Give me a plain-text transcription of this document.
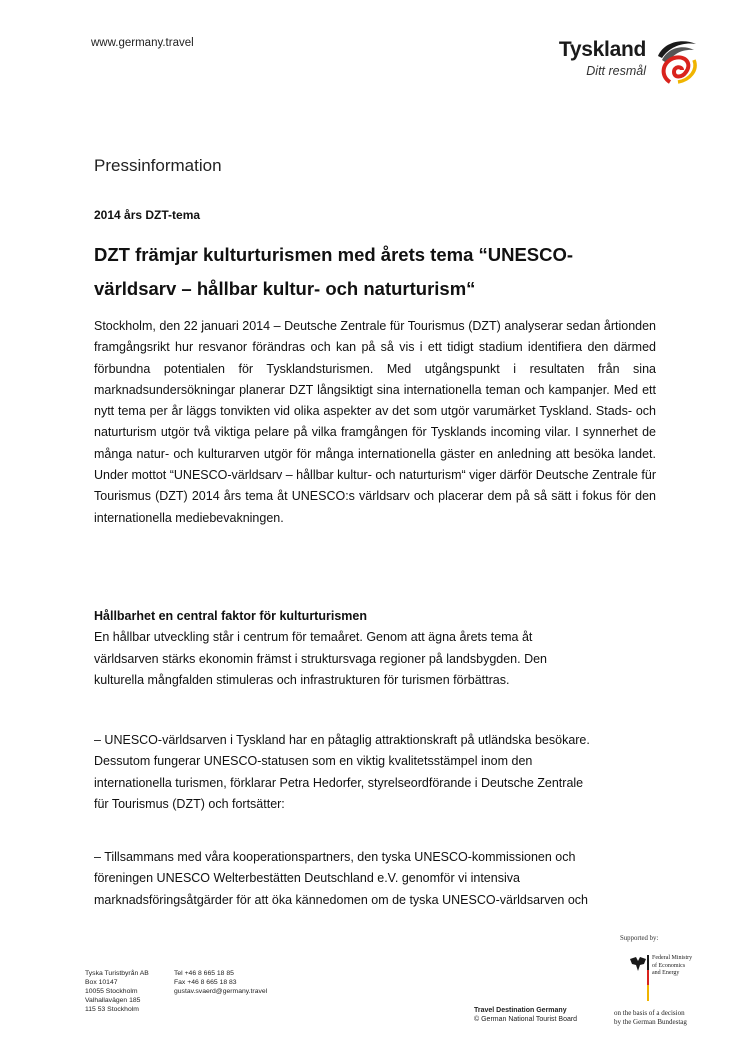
www.germany.travel	Tyskland
Ditt resmål
Pressinformation
2014 års DZT-tema
DZT främjar kulturturismen med årets tema “UNESCO-
världsarv – hållbar kultur- och naturturism“
Stockholm, den 22 januari 2014 – Deutsche Zentrale für Tourismus (DZT) analyserar sedan årtionden framgångsrikt hur resvanor förändras och kan på så vis i ett tidigt stadium identifiera den därmed förbundna potentialen för Tysklandsturismen. Med utgångspunkt i resultaten från sina marknadsundersökningar planerar DZT långsiktigt sina internationella teman och kampanjer. Med ett nytt tema per år läggs tonvikten vid olika aspekter av det som utgör varumärket Tyskland. Stads- och naturturism utgör två viktiga pelare på vilka framgången för Tysklands incoming vilar. I synnerhet de många natur- och kulturarven utgör för många internationella gäster en anledning att besöka landet. Under mottot “UNESCO-världsarv – hållbar kultur- och naturturism“ viger därför Deutsche Zentrale für Tourismus (DZT) 2014 års tema åt UNESCO:s världsarv och placerar dem på så sätt i fokus för den internationella mediebevakningen.
Hållbarhet en central faktor för kulturturismen
En hållbar utveckling står i centrum för temaåret. Genom att ägna årets tema åt
världsarven stärks ekonomin främst i struktursvaga regioner på landsbygden. Den
kulturella mångfalden stimuleras och infrastrukturen för turismen förbättras.
– UNESCO-världsarven i Tyskland har en påtaglig attraktionskraft på utländska besökare.
Dessutom fungerar UNESCO-statusen som en viktig kvalitetsstämpel inom den
internationella turismen, förklarar Petra Hedorfer, styrelseordförande i Deutsche Zentrale
für Tourismus (DZT) och fortsätter:
– Tillsammans med våra kooperationspartners, den tyska UNESCO-kommissionen och
föreningen UNESCO Welterbestätten Deutschland e.V. genomför vi intensiva
marknadsföringsåtgärder för att öka kännedomen om de tyska UNESCO-världsarven och
Tyska Turistbyrån AB
Box 10147
10055 Stockholm
Valhallavägen 185
115 53 Stockholm
Tel +46 8 665 18 85
Fax +46 8 665 18 83
gustav.svaerd@germany.travel
Travel Destination Germany
© German National Tourist Board
Supported by:
Federal Ministry
of Economics
and Energy
on the basis of a decision
by the German Bundestag
